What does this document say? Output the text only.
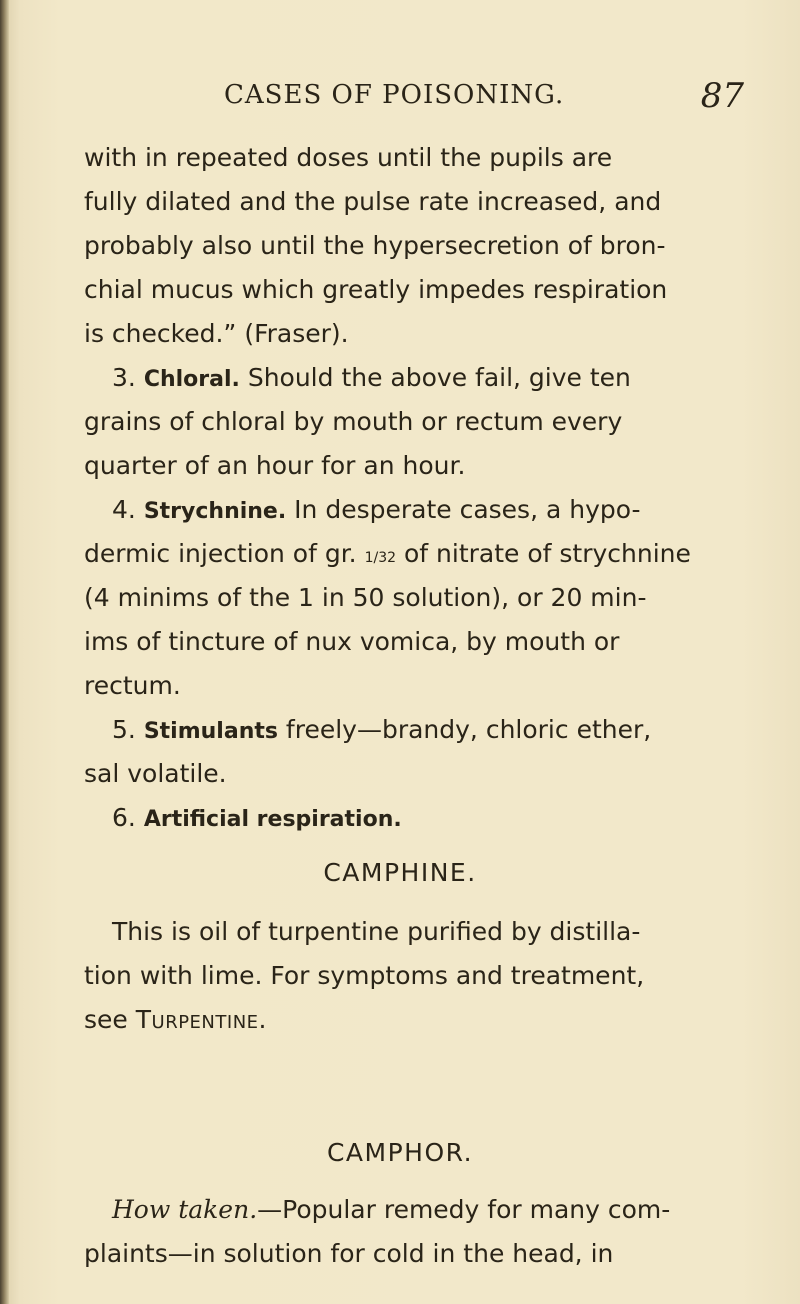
CASES OF POISONING.	87
with in repeated doses until the pupils are
fully dilated and the pulse rate increased, and
probably also until the hypersecretion of bron-
chial mucus which greatly impedes respiration
is checked.” (Fraser).
3.
Chloral.
Should the above fail, give ten
grains of chloral by mouth or rectum every
quarter of an hour for an hour.
4.
Strychnine.
In desperate cases, a hypo-
dermic injection of gr.
1/32
of nitrate of strychnine
(4 minims of the 1 in 50 solution), or 20 min-
ims of tincture of nux vomica, by mouth or
rectum.
5.
Stimulants
freely—brandy, chloric ether,
sal volatile.
6.
Artificial respiration.
CAMPHINE.
This is oil of turpentine purified by distilla-
tion with lime. For symptoms and treatment,
see
Turpentine.
CAMPHOR.
How taken. —Popular remedy for many com-
plaints—in solution for cold in the head, in
